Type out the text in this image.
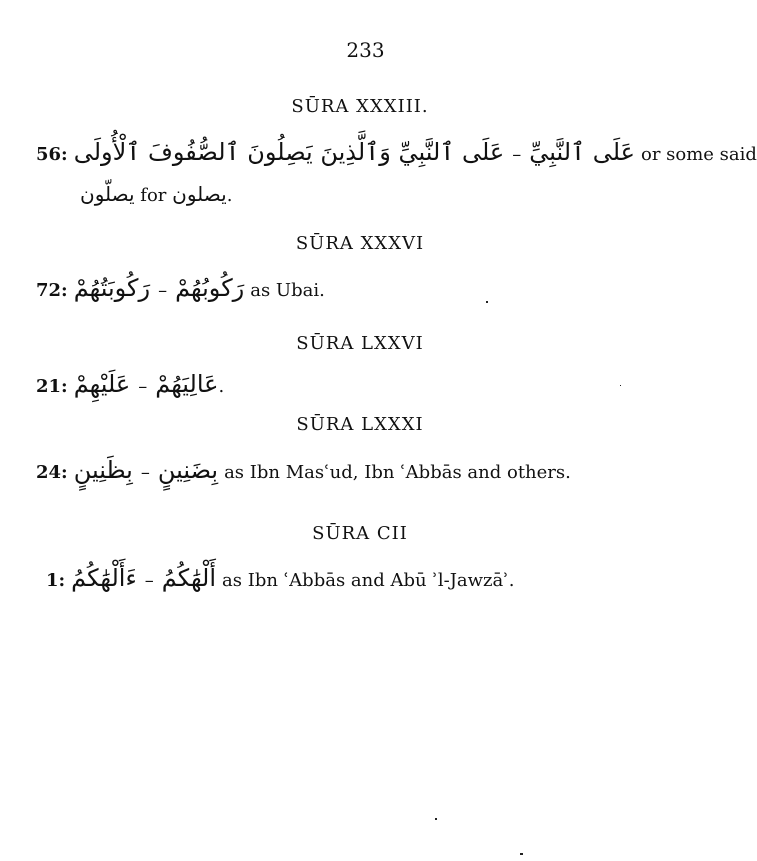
233
SŪRA XXXIII.
56: عَلَى ٱلنَّبِيِّ وَٱلَّذِينَ يَصِلُونَ ٱلصُّفُوفَ ٱلْأُولَى – عَلَى ٱلنَّبِيِّ or some said
يصلّون for يصلون.
SŪRA XXXVI
72: رَكُوبَتُهُمْ – رَكُوبُهُمْ as Ubai.
SŪRA LXXVI
21: عَلَيْهِمْ – عَالِيَهُمْ.
SŪRA LXXXI
24: بِظَنِينٍ – بِضَنِينٍ as Ibn Masʿud, Ibn ʿAbbās and others.
SŪRA CII
1: ءَأَلْهَٰكُمُ – أَلْهَٰكُمُ as Ibn ʿAbbās and Abū ʾl-Jawzāʾ.
